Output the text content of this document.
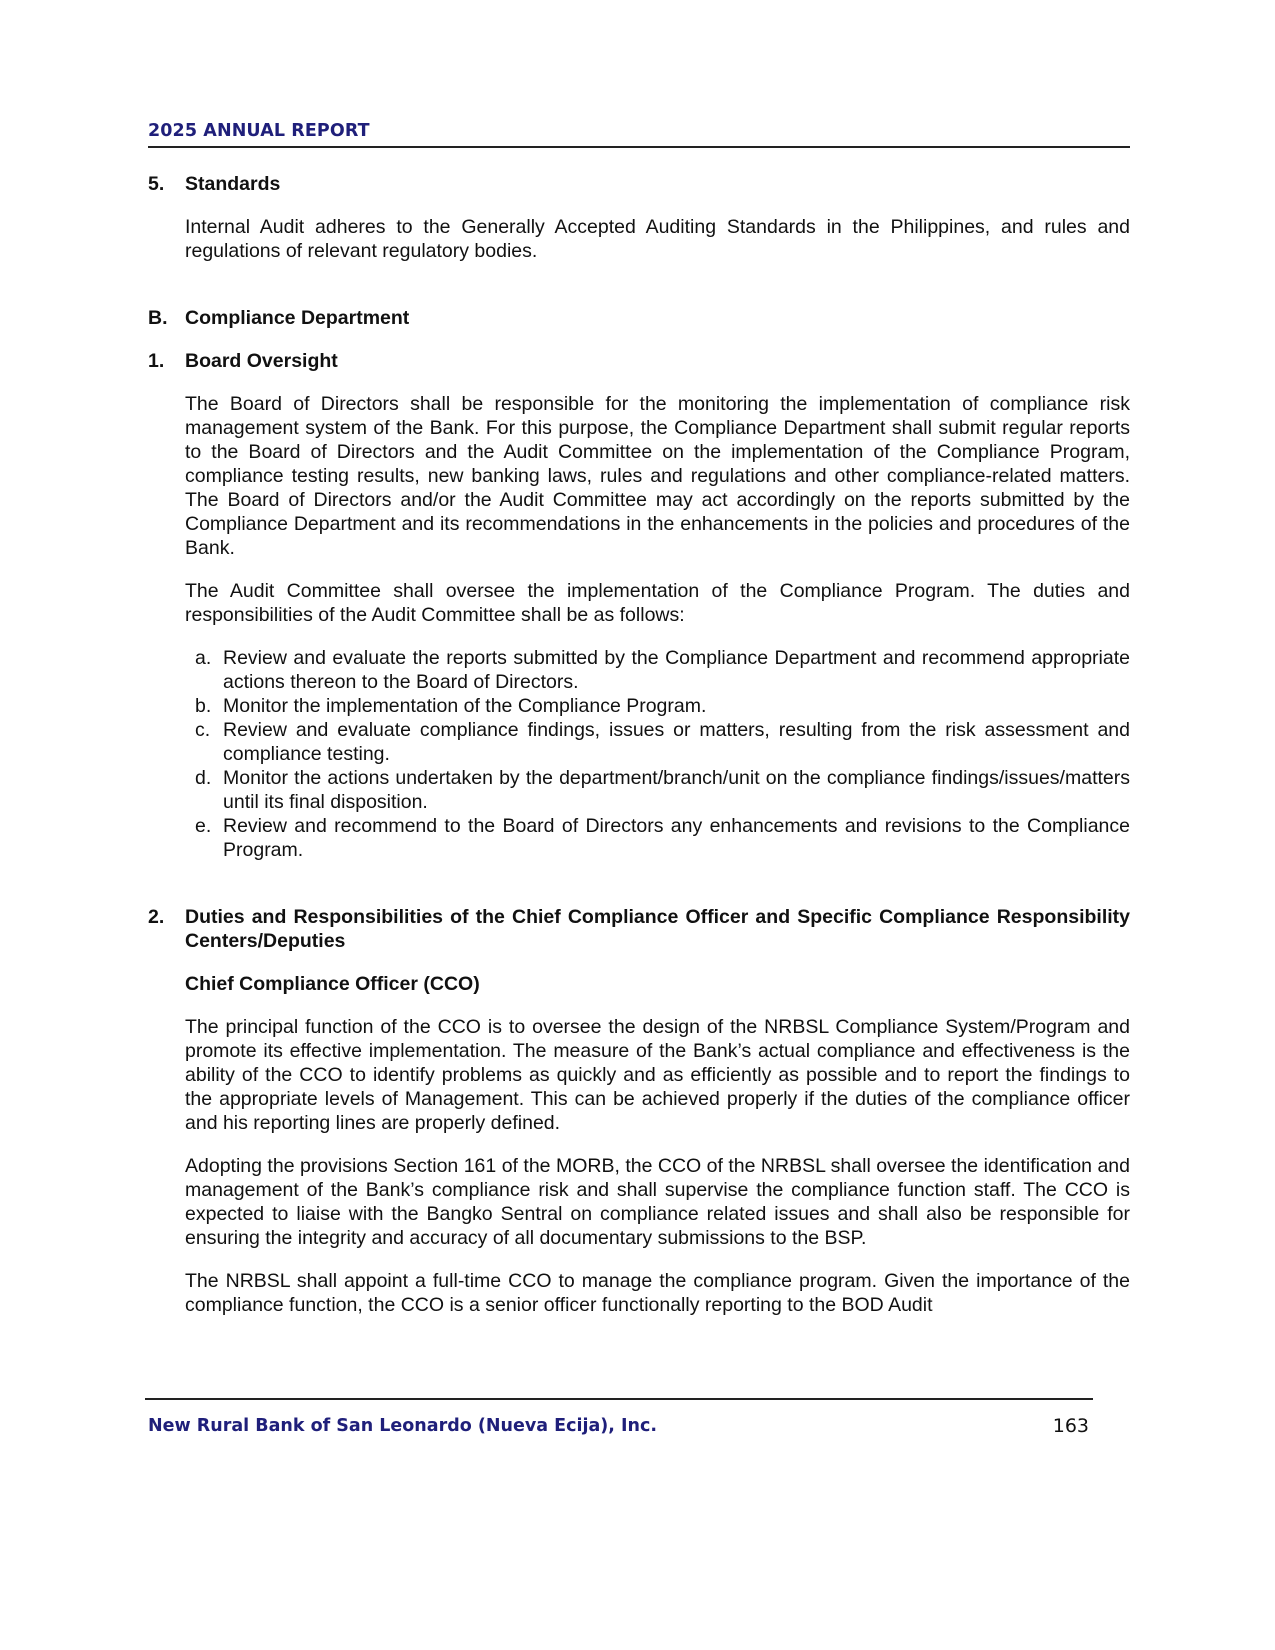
2025 ANNUAL REPORT
5.	Standards
Internal Audit adheres to the Generally Accepted Auditing Standards in the Philippines, and rules and regulations of relevant regulatory bodies.
B. Compliance Department
1.	Board Oversight
The Board of Directors shall be responsible for the monitoring the implementation of compliance risk management system of the Bank. For this purpose, the Compliance Department shall submit regular reports to the Board of Directors and the Audit Committee on the implementation of the Compliance Program, compliance testing results, new banking laws, rules and regulations and other compliance-related matters. The Board of Directors and/or the Audit Committee may act accordingly on the reports submitted by the Compliance Department and its recommendations in the enhancements in the policies and procedures of the Bank.
The Audit Committee shall oversee the implementation of the Compliance Program. The duties and responsibilities of the Audit Committee shall be as follows:
a. Review and evaluate the reports submitted by the Compliance Department and recommend appropriate actions thereon to the Board of Directors.
b. Monitor the implementation of the Compliance Program.
c. Review and evaluate compliance findings, issues or matters, resulting from the risk assessment and compliance testing.
d. Monitor the actions undertaken by the department/branch/unit on the compliance findings/issues/matters until its final disposition.
e. Review and recommend to the Board of Directors any enhancements and revisions to the Compliance Program.
2.	Duties and Responsibilities of the Chief Compliance Officer and Specific Compliance Responsibility Centers/Deputies
Chief Compliance Officer (CCO)
The principal function of the CCO is to oversee the design of the NRBSL Compliance System/Program and promote its effective implementation. The measure of the Bank’s actual compliance and effectiveness is the ability of the CCO to identify problems as quickly and as efficiently as possible and to report the findings to the appropriate levels of Management. This can be achieved properly if the duties of the compliance officer and his reporting lines are properly defined.
Adopting the provisions Section 161 of the MORB, the CCO of the NRBSL shall oversee the identification and management of the Bank’s compliance risk and shall supervise the compliance function staff. The CCO is expected to liaise with the Bangko Sentral on compliance related issues and shall also be responsible for ensuring the integrity and accuracy of all documentary submissions to the BSP.
The NRBSL shall appoint a full-time CCO to manage the compliance program. Given the importance of the compliance function, the CCO is a senior officer functionally reporting to the BOD Audit
New Rural Bank of San Leonardo (Nueva Ecija), Inc.	163
